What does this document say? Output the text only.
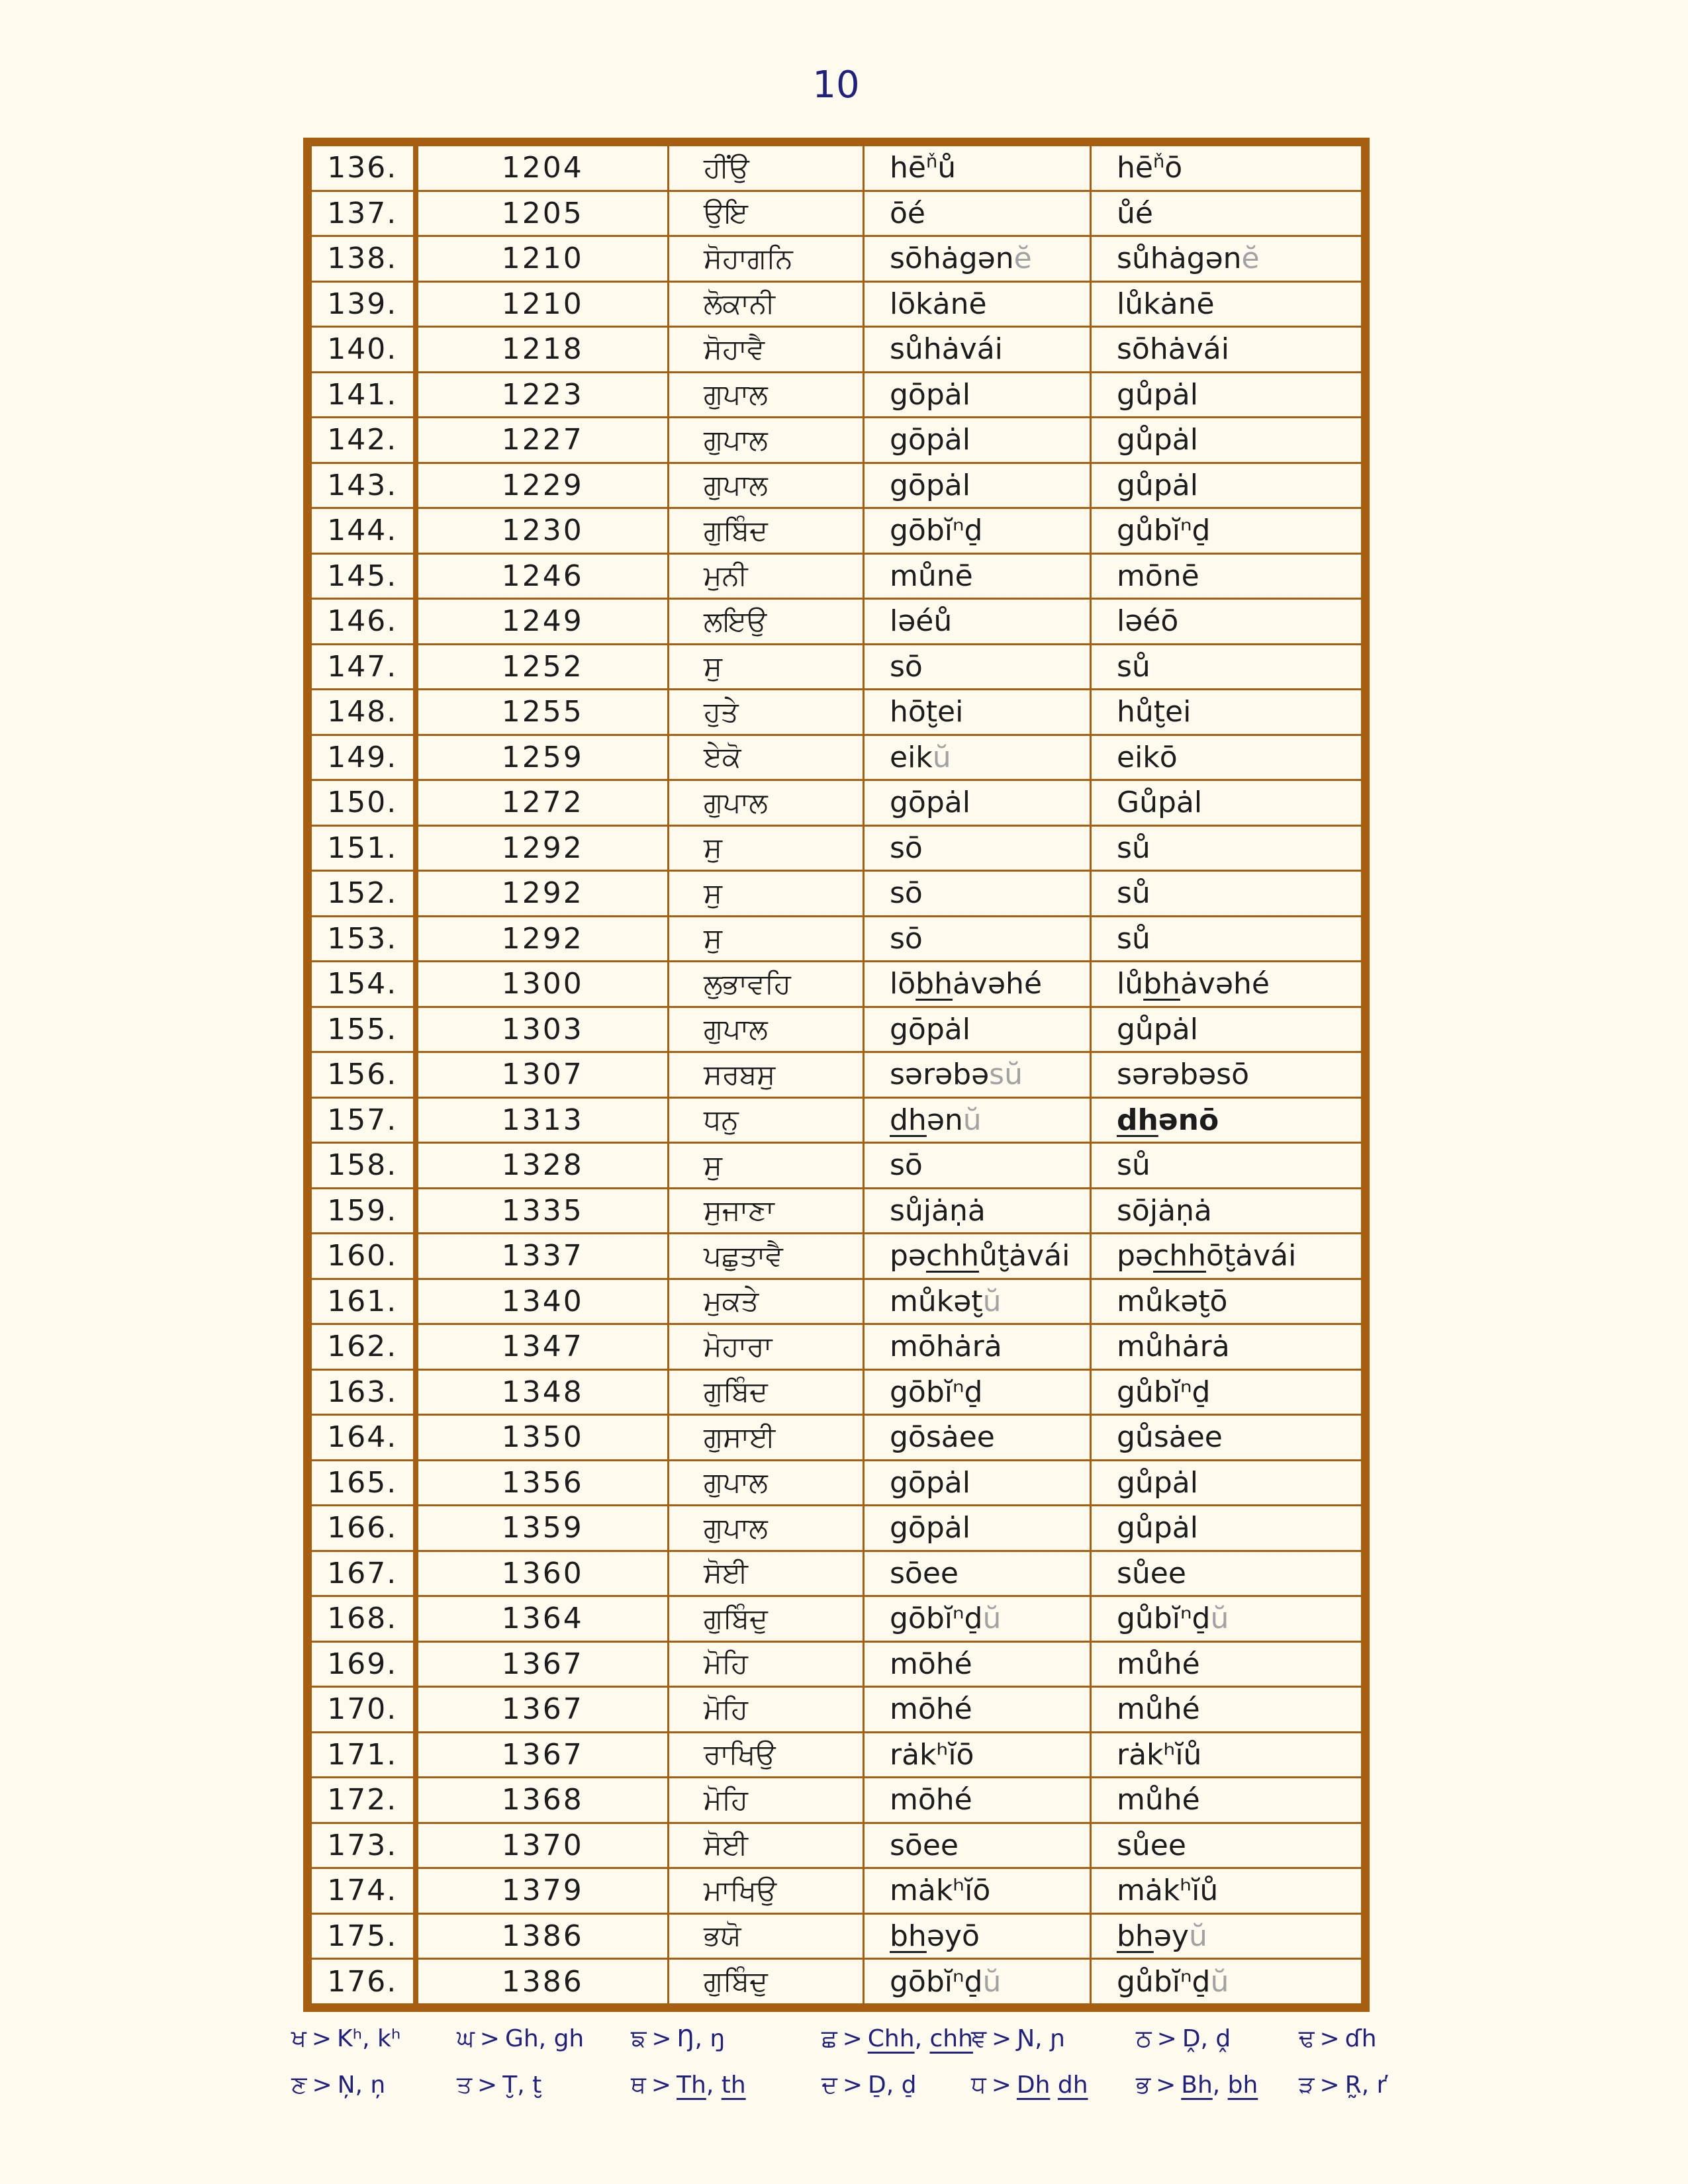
10
136.	1204	ਹੀਂਉ	$hē^ňů$	$hē^ňō$
137.	1205	ਉਇ	ōé	ůé
138.	1210	ਸੋਹਾਗਨਿ	sōhȧgənĕ	sůhȧgənĕ
139.	1210	ਲੋਕਾਨੀ	lōkȧnē	lůkȧnē
140.	1218	ਸੋਹਾਵੈ	sůhȧvái	sōhȧvái
141.	1223	ਗੁਪਾਲ	gōpȧl	gůpȧl
142.	1227	ਗੁਪਾਲ	gōpȧl	gůpȧl
143.	1229	ਗੁਪਾਲ	gōpȧl	gůpȧl
144.	1230	ਗੁਬਿੰਦ	gōbĭⁿd̠	gůbĭⁿd̠
145.	1246	ਮੁਨੀ	můnē	mōnē
146.	1249	ਲਇਉ	ləéů	ləéō
147.	1252	ਸੁ	sō	sů
148.	1255	ਹੁਤੇ	hōt̮ei	hůt̮ei
149.	1259	ਏਕੋ	eikŭ	eikō
150.	1272	ਗੁਪਾਲ	gōpȧl	Gůpȧl
151.	1292	ਸੁ	sō	sů
152.	1292	ਸੁ	sō	sů
153.	1292	ਸੁ	sō	sů
154.	1300	ਲੁਭਾਵਹਿ	lōbhȧvəhé	lůbhȧvəhé
155.	1303	ਗੁਪਾਲ	gōpȧl	gůpȧl
156.	1307	ਸਰਬਸੁ	sərəbəsŭ	sərəbəsō
157.	1313	ਧਨੁ	dhənŭ	dhənō
158.	1328	ਸੁ	sō	sů
159.	1335	ਸੁਜਾਣਾ	sůjȧṇȧ	sōjȧṇȧ
160.	1337	ਪਛੁਤਾਵੈ	pəchhůt̮ȧvái	pəchhōt̮ȧvái
161.	1340	ਮੁਕਤੇ	můkət̮ŭ	můkət̮ō
162.	1347	ਮੋਹਾਰਾ	mōhȧrȧ	můhȧrȧ
163.	1348	ਗੁਬਿੰਦ	gōbĭⁿd̠	gůbĭⁿd̠
164.	1350	ਗੁਸਾਈ	gōsȧee	gůsȧee
165.	1356	ਗੁਪਾਲ	gōpȧl	gůpȧl
166.	1359	ਗੁਪਾਲ	gōpȧl	gůpȧl
167.	1360	ਸੋਈ	sōee	sůee
168.	1364	ਗੁਬਿੰਦੁ	gōbĭⁿd̠ŭ	gůbĭⁿd̠ŭ
169.	1367	ਮੋਹਿ	mōhé	můhé
170.	1367	ਮੋਹਿ	mōhé	můhé
171.	1367	ਰਾਖਿਉ	rȧkʰĭō	rȧkʰĭů
172.	1368	ਮੋਹਿ	mōhé	můhé
173.	1370	ਸੋਈ	sōee	sůee
174.	1379	ਮਾਖਿਉ	mȧkʰĭō	mȧkʰĭů
175.	1386	ਭਯੋ	bhəyō	bhəyŭ
176.	1386	ਗੁਬਿੰਦੁ	gōbĭⁿd̠ŭ	gůbĭⁿd̠ŭ
ਖ > Kʰ, kʰ	ਘ > Gh, gh	ਙ > Ŋ, ŋ	ਛ > Chh, chh
ਞ > Ɲ, ɲ	ਠ > Ḓ, ḓ	ਢ > ɗh
ਣ > Ņ, ņ	ਤ > T̮, t̮	ਥ > Th, th	ਦ > D̠, d̠	ਧ > Dh dh	ਭ > Bh, bh	ੜ > R̰, r̕
